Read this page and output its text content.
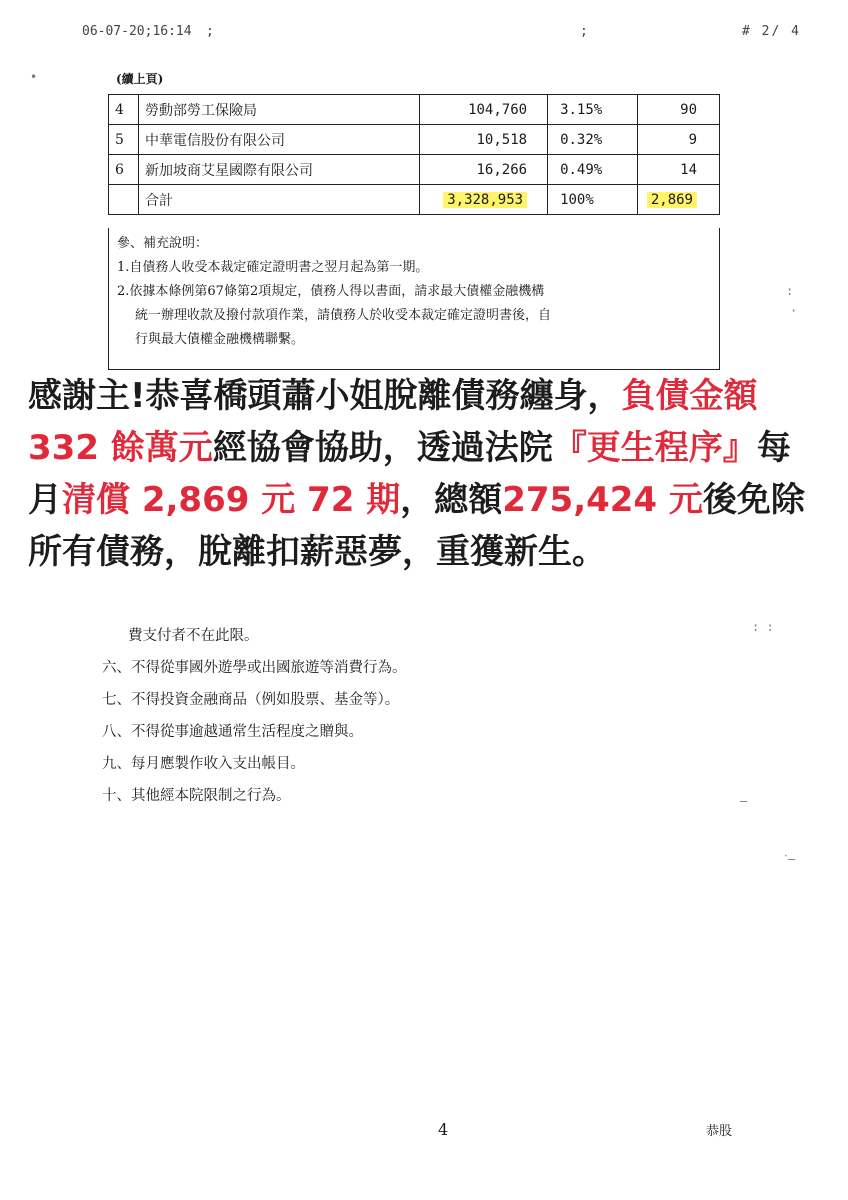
06-07-20;16:14 ;	;	# 2/ 4
•	(續上頁)
4	勞動部勞工保險局	104,760	3.15%	90
5	中華電信股份有限公司	10,518	0.32%	9
6	新加坡商艾星國際有限公司	16,266	0.49%	14
	合計	3,328,953	100%	2,869

參、補充說明：

1.自債務人收受本裁定確定證明書之翌月起為第一期。

2.依據本條例第67條第2項規定，債務人得以書面，請求最大債權金融機構

統一辦理收款及撥付款項作業，請債務人於收受本裁定確定證明書後，自

行與最大債權金融機構聯繫。

:
·
感謝主!恭喜橋頭蕭小姐脫離債務纏身，負債金額 332 餘萬元經協會協助，透過法院『更生程序』每月清償 2,869 元 72 期，總額275,424 元後免除所有債務，脫離扣薪惡夢，重獲新生。
費支付者不在此限。
六、不得從事國外遊學或出國旅遊等消費行為。
七、不得投資金融商品（例如股票、基金等）。
八、不得從事逾越通常生活程度之贈與。
九、每月應製作收入支出帳目。
十、其他經本院限制之行為。
: :
—
ˋ—
4	恭股
